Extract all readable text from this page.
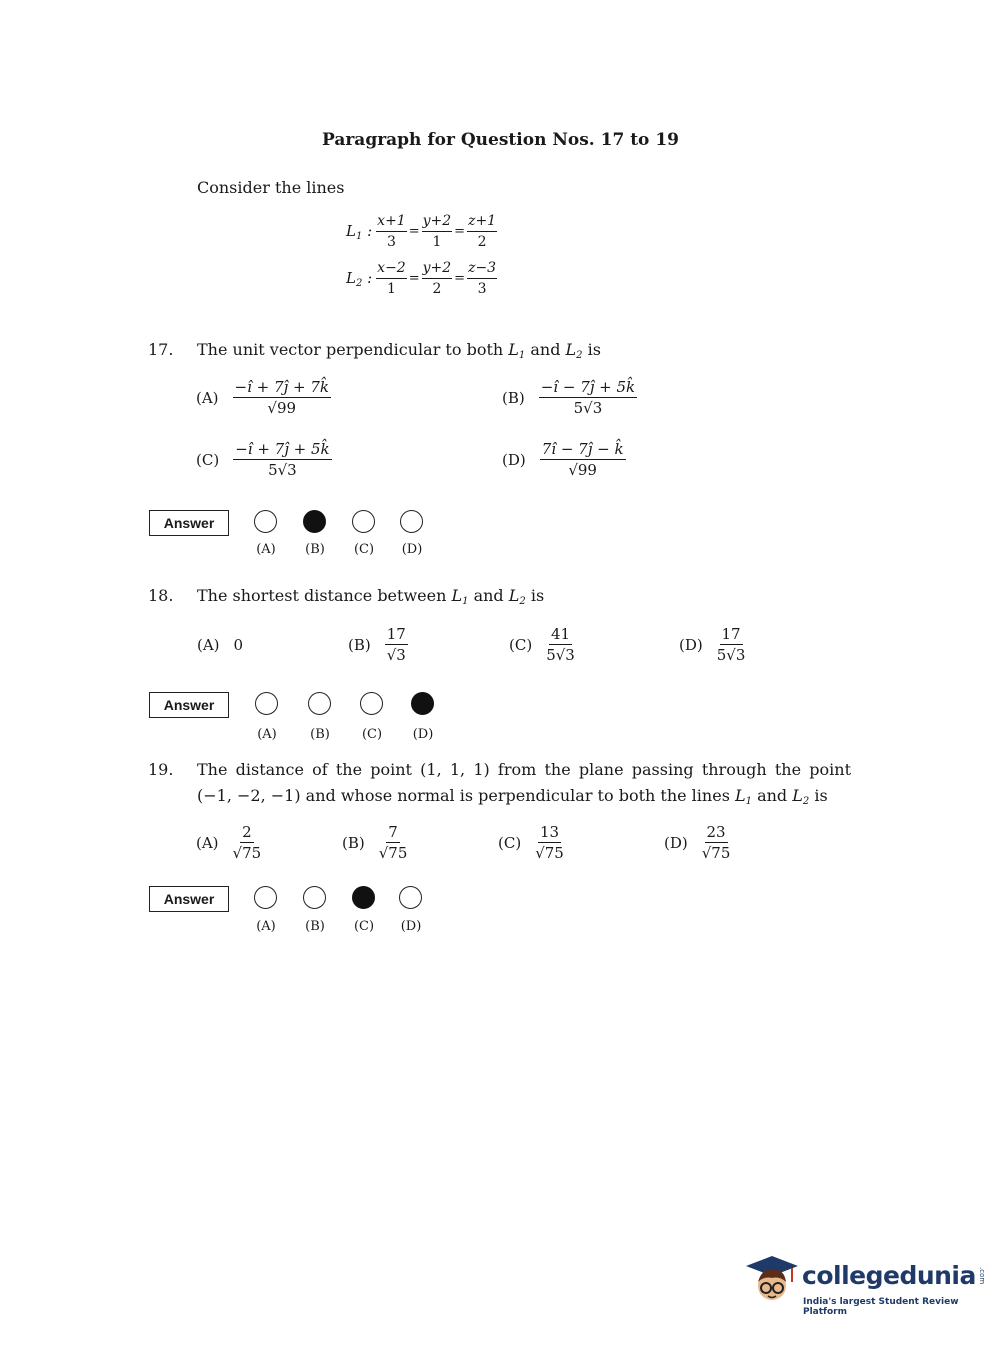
Paragraph for Question Nos. 17 to 19
Consider the lines
$L_1$ : $\frac{x+1}{3} = \frac{y+2}{1} = \frac{z+1}{2}$
$L_2$ : $\frac{x-2}{1} = \frac{y+2}{2} = \frac{z-3}{3}$
17. The unit vector perpendicular to both $L_1$ and $L_2$ is
$(A) \frac{-î + 7ĵ + 7k̂}{√99}$	$(B) \frac{-î - 7ĵ + 5k̂}{5√3}$
$(C) \frac{-î + 7ĵ + 5k̂}{5√3}$	$(D) \frac{7î - 7ĵ - k̂}{√99}$
Answer
(A)	(B)	(C)	(D)
18. The shortest distance between $L_1$ and $L_2$ is
(A) 0	$(B) \frac{17}{√3}$	$(C) \frac{41}{5√3}$	$(D) \frac{17}{5√3}$
Answer
(A)	(B)	(C)	(D)
19. The distance of the point (1, 1, 1) from the plane passing through the point
(−1, −2, −1) and whose normal is perpendicular to both the lines $L_1$ and $L_2$ is
$(A) \frac{2}{√75}$	$(B) \frac{7}{√75}$	$(C) \frac{13}{√75}$	$(D) \frac{23}{√75}$
Answer
(A)	(B)	(C)	(D)
collegedunia .com
India's largest Student Review Platform
